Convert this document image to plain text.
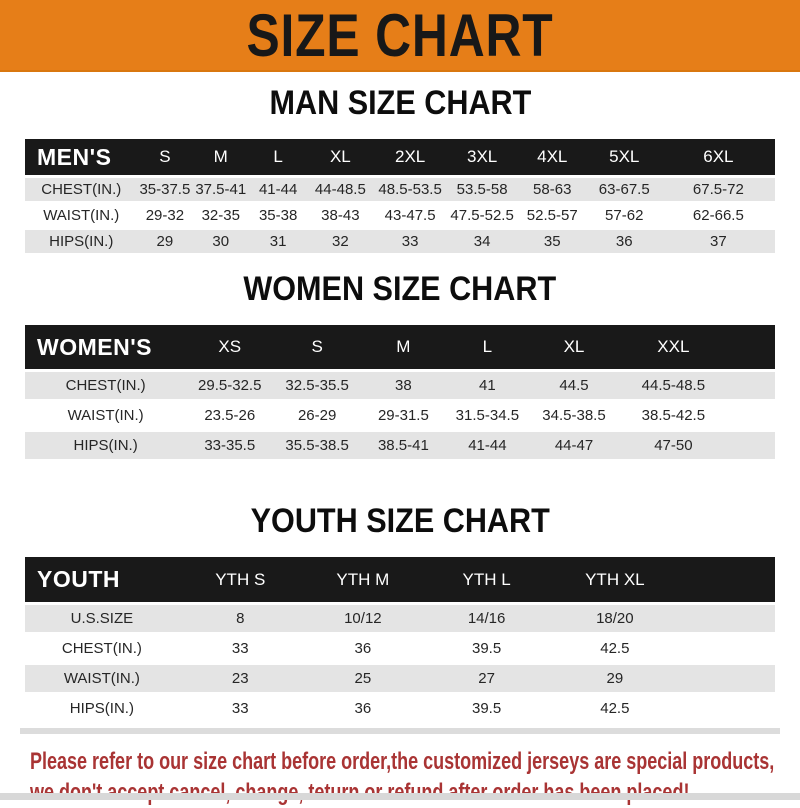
SIZE CHART
MAN SIZE CHART
MEN'S	S	M	L	XL	2XL	3XL	4XL	5XL	6XL
CHEST(IN.)	35-37.5	37.5-41	41-44	44-48.5	48.5-53.5	53.5-58	58-63	63-67.5	67.5-72
WAIST(IN.)	29-32	32-35	35-38	38-43	43-47.5	47.5-52.5	52.5-57	57-62	62-66.5
HIPS(IN.)	29	30	31	32	33	34	35	36	37
WOMEN SIZE CHART
WOMEN'S	XS	S	M	L	XL	XXL	
CHEST(IN.)	29.5-32.5	32.5-35.5	38	41	44.5	44.5-48.5	
WAIST(IN.)	23.5-26	26-29	29-31.5	31.5-34.5	34.5-38.5	38.5-42.5	
HIPS(IN.)	33-35.5	35.5-38.5	38.5-41	41-44	44-47	47-50	
YOUTH SIZE CHART
YOUTH	YTH S	YTH M	YTH L	YTH XL	
U.S.SIZE	8	10/12	14/16	18/20	
CHEST(IN.)	33	36	39.5	42.5	
WAIST(IN.)	23	25	27	29	
HIPS(IN.)	33	36	39.5	42.5	
Please refer to our size chart before order,the customized jerseys are special products,
